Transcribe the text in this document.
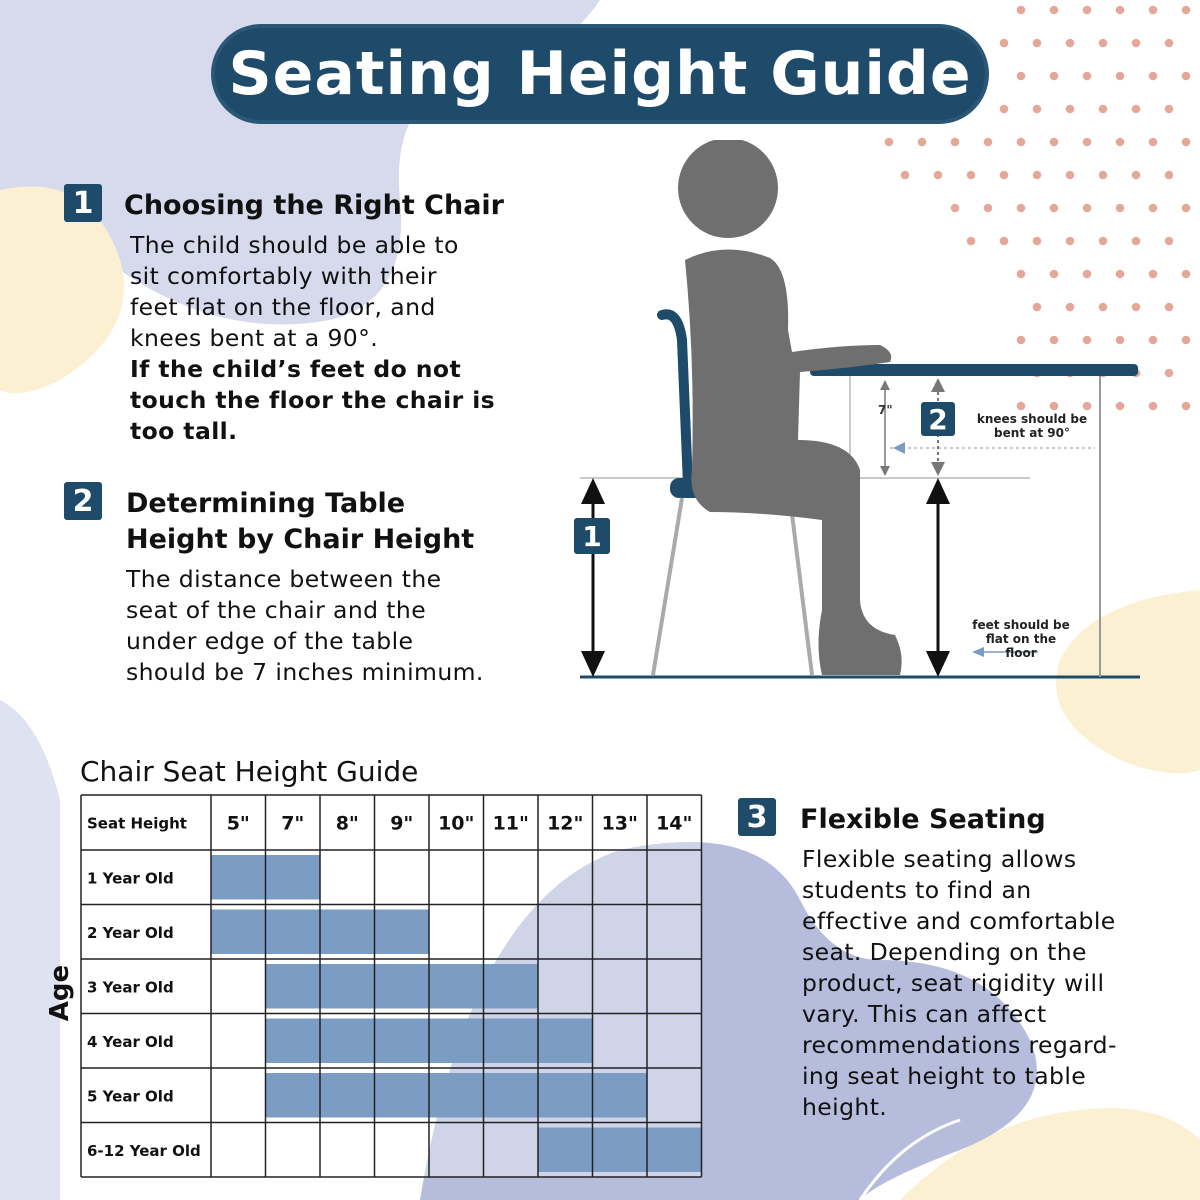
Seating Height Guide
1	Choosing the Right Chair
The child should be able to
sit comfortably with their
feet flat on the floor, and
knees bent at a 90°.
If the child’s feet do not
touch the floor the chair is
too tall.
2	Determining Table
Height by Chair Height
The distance between the
seat of the chair and the
under edge of the table
should be 7 inches minimum.
3	Flexible Seating
Flexible seating allows
students to find an
effective and comfortable
seat. Depending on the
product, seat rigidity will
vary. This can affect
recommendations regard-
ing seat height to table
height.
1
2
7"
knees should be
bent at 90°
feet should be
flat on the
floor
Chair Seat Height Guide
Age
Seat Height 5" 7" 8" 9" 10" 11" 12" 13" 14"
1 Year Old
2 Year Old
3 Year Old
4 Year Old
5 Year Old
6-12 Year Old
